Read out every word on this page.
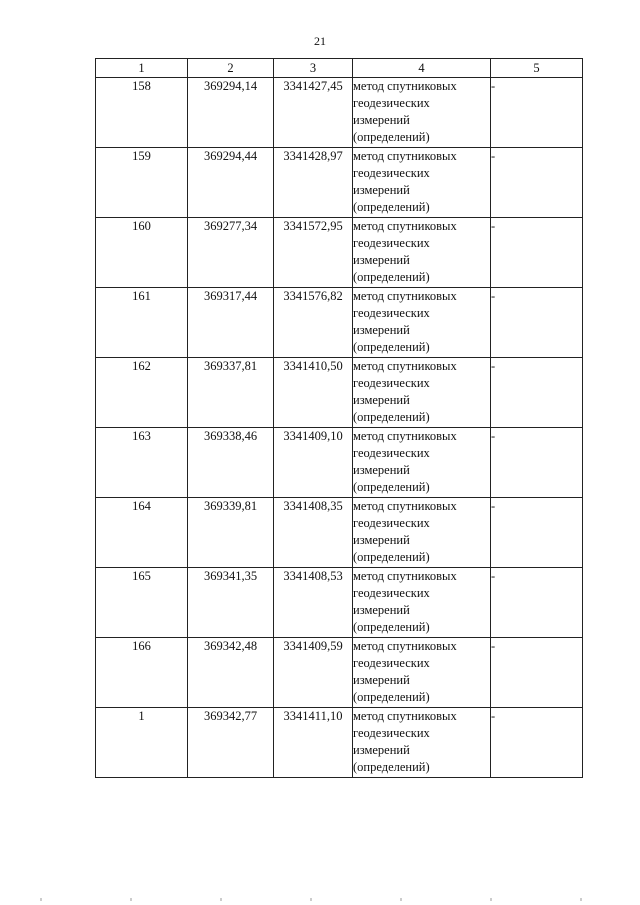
21
1	2	3	4	5
158	369294,14	3341427,45	метод спутниковых
геодезических
измерений
(определений)	-
159	369294,44	3341428,97	метод спутниковых
геодезических
измерений
(определений)	-
160	369277,34	3341572,95	метод спутниковых
геодезических
измерений
(определений)	-
161	369317,44	3341576,82	метод спутниковых
геодезических
измерений
(определений)	-
162	369337,81	3341410,50	метод спутниковых
геодезических
измерений
(определений)	-
163	369338,46	3341409,10	метод спутниковых
геодезических
измерений
(определений)	-
164	369339,81	3341408,35	метод спутниковых
геодезических
измерений
(определений)	-
165	369341,35	3341408,53	метод спутниковых
геодезических
измерений
(определений)	-
166	369342,48	3341409,59	метод спутниковых
геодезических
измерений
(определений)	-
1	369342,77	3341411,10	метод спутниковых
геодезических
измерений
(определений)	-
